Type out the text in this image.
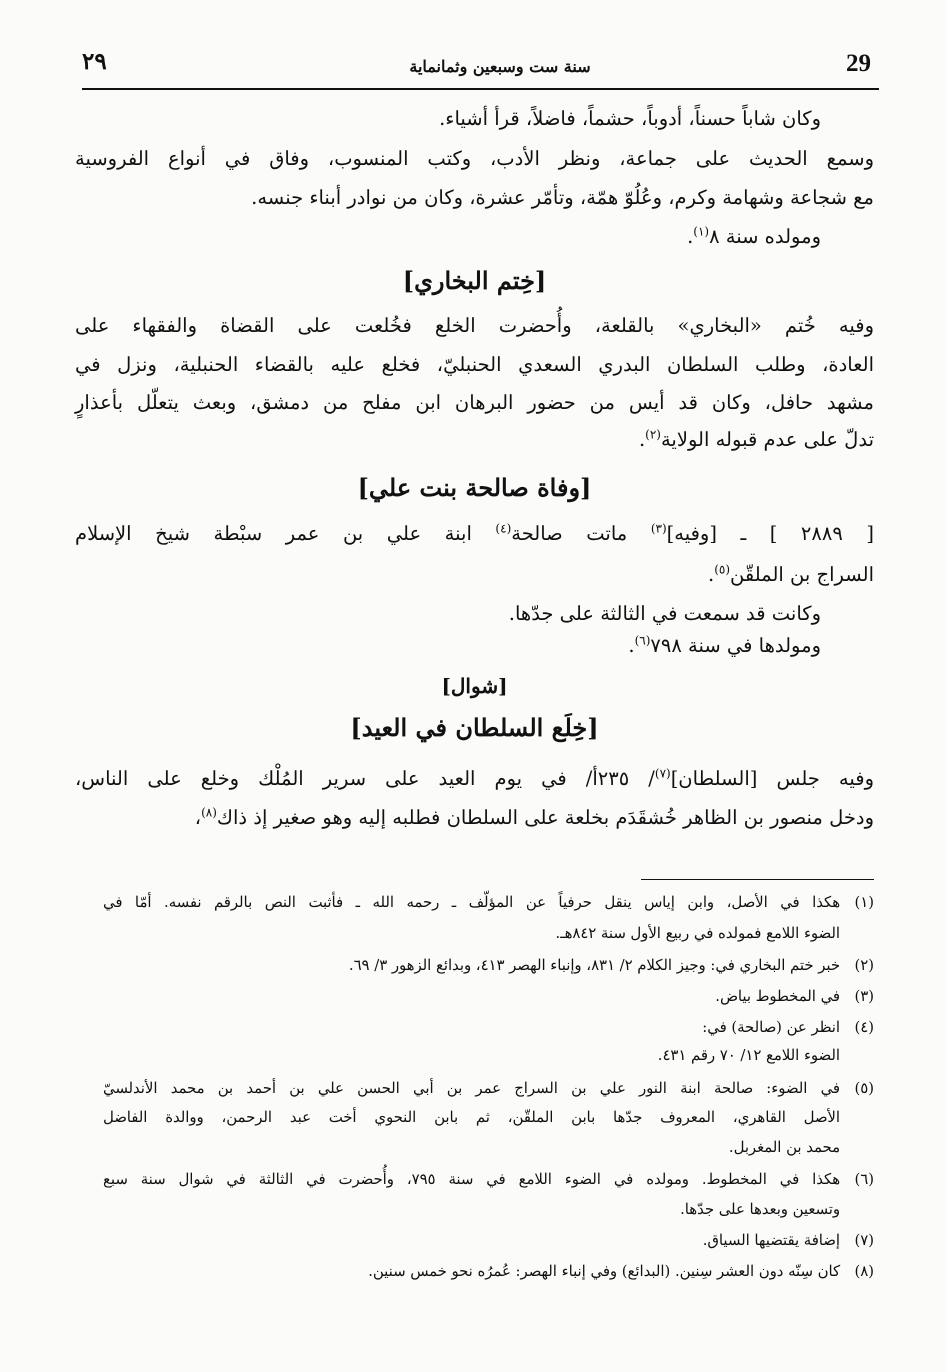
29
سنة ست وسبعين وثمانماية
٢٩
وكان شاباً حسناً، أدوباً، حشماً، فاضلاً، قرأ أشياء.
وسمع الحديث على جماعة، ونظر الأدب، وكتب المنسوب، وفاق في أنواع الفروسية
مع شجاعة وشهامة وكرم، وعُلُوّ همّة، وتأمّر عشرة، وكان من نوادر أبناء جنسه.
ومولده سنة ٨$^{(١)}$.
[خِتم البخاري]
وفيه خُتم «البخاري» بالقلعة، وأُحضرت الخلع فخُلعت على القضاة والفقهاء على
العادة، وطلب السلطان البدري السعدي الحنبليّ، فخلع عليه بالقضاء الحنبلية، ونزل في
مشهد حافل، وكان قد أيس من حضور البرهان ابن مفلح من دمشق، وبعث يتعلّل بأعذارٍ
تدلّ على عدم قبوله الولاية$^{(٢)}$.
[وفاة صالحة بنت علي]
[ ٢٨٨٩ ] ـ [وفيه]$^{(٣)}$ ماتت صالحة$^{(٤)}$ ابنة علي بن عمر سبْطة شيخ الإسلام
السراج بن الملقّن$^{(٥)}$.
وكانت قد سمعت في الثالثة على جدّها.
ومولدها في سنة ٧٩٨$^{(٦)}$.
[شوال]
[خِلَع السلطان في العيد]
وفيه جلس [السلطان]$^{(٧)}$/ ٢٣٥أ/ في يوم العيد على سرير المُلْك وخلع على الناس،
ودخل منصور بن الظاهر خُشقَدَم بخلعة على السلطان فطلبه إليه وهو صغير إذ ذاك$^{(٨)}$،
(١)هكذا في الأصل، وابن إياس ينقل حرفياً عن المؤلّف ـ رحمه الله ـ فأثبت النص بالرقم نفسه. أمّا في
الضوء اللامع فمولده في ربيع الأول سنة ٨٤٢هـ.
(٢)خبر ختم البخاري في: وجيز الكلام ٢/ ٨٣١، وإنباء الهصر ٤١٣، وبدائع الزهور ٣/ ٦٩.
(٣)في المخطوط بياض.
(٤)انظر عن (صالحة) في:
الضوء اللامع ١٢/ ٧٠ رقم ٤٣١.
(٥)في الضوء: صالحة ابنة النور علي بن السراج عمر بن أبي الحسن علي بن أحمد بن محمد الأندلسيّ
الأصل القاهري، المعروف جدّها بابن الملقّن، ثم بابن النحوي أخت عبد الرحمن، ووالدة الفاضل
محمد بن المغربل.
(٦)هكذا في المخطوط. ومولده في الضوء اللامع في سنة ٧٩٥، وأُحضرت في الثالثة في شوال سنة سبع
وتسعين وبعدها على جدّها.
(٧)إضافة يقتضيها السياق.
(٨)كان سِنّه دون العشر سِنين. (البدائع) وفي إنباء الهصر: عُمرُه نحو خمس سنين.
